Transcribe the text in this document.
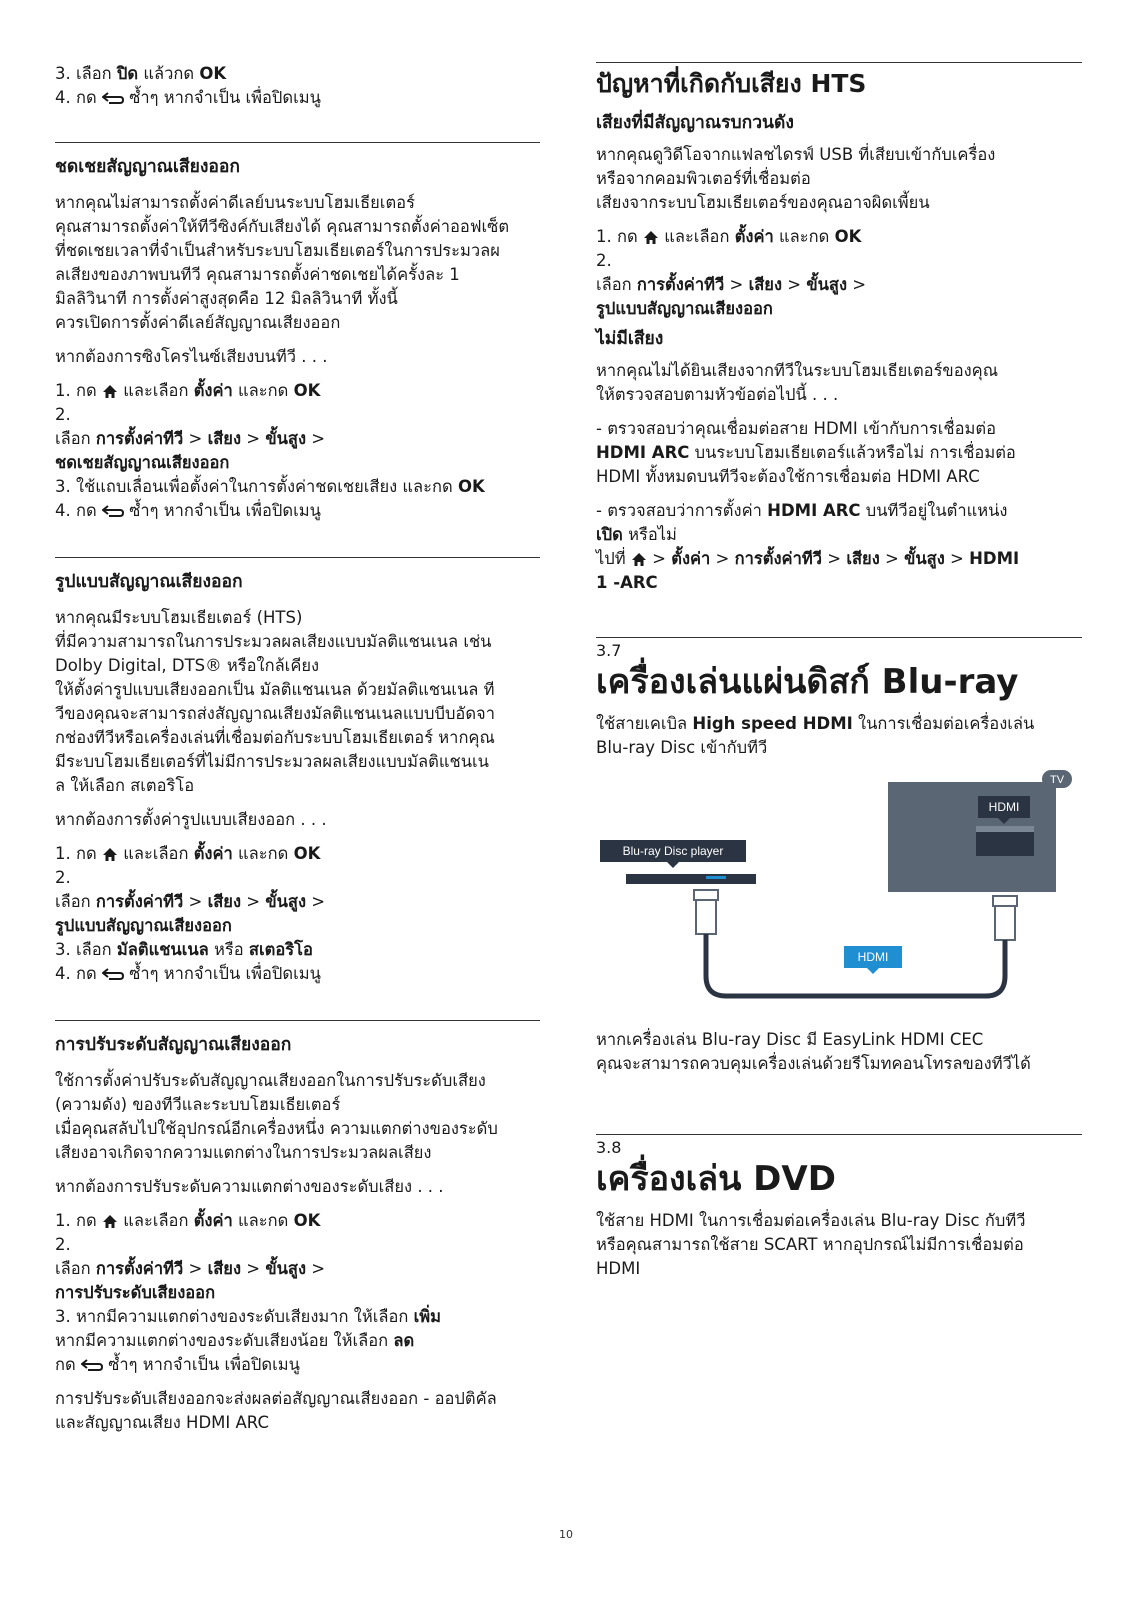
3. เลือก ปิด แล้วกด OK
4. กด  ซ้ำๆ หากจำเป็น เพื่อปิดเมนู
ชดเชยสัญญาณเสียงออก
หากคุณไม่สามารถตั้งค่าดีเลย์บนระบบโฮมเธียเตอร์
คุณสามารถตั้งค่าให้ทีวีซิงค์กับเสียงได้ คุณสามารถตั้งค่าออฟเซ็ต
ที่ชดเชยเวลาที่จำเป็นสำหรับระบบโฮมเธียเตอร์ในการประมวลผ
ลเสียงของภาพบนทีวี คุณสามารถตั้งค่าชดเชยได้ครั้งละ 1
มิลลิวินาที การตั้งค่าสูงสุดคือ 12 มิลลิวินาที ทั้งนี้
ควรเปิดการตั้งค่าดีเลย์สัญญาณเสียงออก
หากต้องการซิงโครไนซ์เสียงบนทีวี . . .
1. กด  และเลือก ตั้งค่า และกด OK
2.
เลือก การตั้งค่าทีวี > เสียง > ขั้นสูง >
ชดเชยสัญญาณเสียงออก
3. ใช้แถบเลื่อนเพื่อตั้งค่าในการตั้งค่าชดเชยเสียง และกด OK
4. กด  ซ้ำๆ หากจำเป็น เพื่อปิดเมนู
รูปแบบสัญญาณเสียงออก
หากคุณมีระบบโฮมเธียเตอร์ (HTS)
ที่มีความสามารถในการประมวลผลเสียงแบบมัลติแชนเนล เช่น
Dolby Digital, DTS® หรือใกล้เคียง
ให้ตั้งค่ารูปแบบเสียงออกเป็น มัลติแชนเนล ด้วยมัลติแชนเนล ที
วีของคุณจะสามารถส่งสัญญาณเสียงมัลติแชนเนลแบบบีบอัดจา
กช่องทีวีหรือเครื่องเล่นที่เชื่อมต่อกับระบบโฮมเธียเตอร์ หากคุณ
มีระบบโฮมเธียเตอร์ที่ไม่มีการประมวลผลเสียงแบบมัลติแชนเน
ล ให้เลือก สเตอริโอ
หากต้องการตั้งค่ารูปแบบเสียงออก . . .
1. กด  และเลือก ตั้งค่า และกด OK
2.
เลือก การตั้งค่าทีวี > เสียง > ขั้นสูง >
รูปแบบสัญญาณเสียงออก
3. เลือก มัลติแชนเนล หรือ สเตอริโอ
4. กด  ซ้ำๆ หากจำเป็น เพื่อปิดเมนู
การปรับระดับสัญญาณเสียงออก
ใช้การตั้งค่าปรับระดับสัญญาณเสียงออกในการปรับระดับเสียง
(ความดัง) ของทีวีและระบบโฮมเธียเตอร์
เมื่อคุณสลับไปใช้อุปกรณ์อีกเครื่องหนึ่ง ความแตกต่างของระดับ
เสียงอาจเกิดจากความแตกต่างในการประมวลผลเสียง
หากต้องการปรับระดับความแตกต่างของระดับเสียง . . .
1. กด  และเลือก ตั้งค่า และกด OK
2.
เลือก การตั้งค่าทีวี > เสียง > ขั้นสูง >
การปรับระดับเสียงออก
3. หากมีความแตกต่างของระดับเสียงมาก ให้เลือก เพิ่ม
หากมีความแตกต่างของระดับเสียงน้อย ให้เลือก ลด
กด  ซ้ำๆ หากจำเป็น เพื่อปิดเมนู
การปรับระดับเสียงออกจะส่งผลต่อสัญญาณเสียงออก - ออปติคัล
และสัญญาณเสียง HDMI ARC
ปัญหาที่เกิดกับเสียง HTS
เสียงที่มีสัญญาณรบกวนดัง
หากคุณดูวิดีโอจากแฟลชไดรฟ์ USB ที่เสียบเข้ากับเครื่อง
หรือจากคอมพิวเตอร์ที่เชื่อมต่อ
เสียงจากระบบโฮมเธียเตอร์ของคุณอาจผิดเพี้ยน
1. กด  และเลือก ตั้งค่า และกด OK
2.
เลือก การตั้งค่าทีวี > เสียง > ขั้นสูง >
รูปแบบสัญญาณเสียงออก
ไม่มีเสียง
หากคุณไม่ได้ยินเสียงจากทีวีในระบบโฮมเธียเตอร์ของคุณ
ให้ตรวจสอบตามหัวข้อต่อไปนี้ . . .
- ตรวจสอบว่าคุณเชื่อมต่อสาย HDMI เข้ากับการเชื่อมต่อ
HDMI ARC บนระบบโฮมเธียเตอร์แล้วหรือไม่ การเชื่อมต่อ
HDMI ทั้งหมดบนทีวีจะต้องใช้การเชื่อมต่อ HDMI ARC
- ตรวจสอบว่าการตั้งค่า HDMI ARC บนทีวีอยู่ในตำแหน่ง
เปิด หรือไม่
ไปที่  > ตั้งค่า > การตั้งค่าทีวี > เสียง > ขั้นสูง > HDMI
1 -ARC
3.7
เครื่องเล่นแผ่นดิสก์ Blu-ray
ใช้สายเคเบิล High speed HDMI ในการเชื่อมต่อเครื่องเล่น
Blu-ray Disc เข้ากับทีวี
TV
HDMI
Blu-ray Disc player
HDMI
หากเครื่องเล่น Blu-ray Disc มี EasyLink HDMI CEC
คุณจะสามารถควบคุมเครื่องเล่นด้วยรีโมทคอนโทรลของทีวีได้
3.8
เครื่องเล่น DVD
ใช้สาย HDMI ในการเชื่อมต่อเครื่องเล่น Blu-ray Disc กับทีวี
หรือคุณสามารถใช้สาย SCART หากอุปกรณ์ไม่มีการเชื่อมต่อ
HDMI
10
